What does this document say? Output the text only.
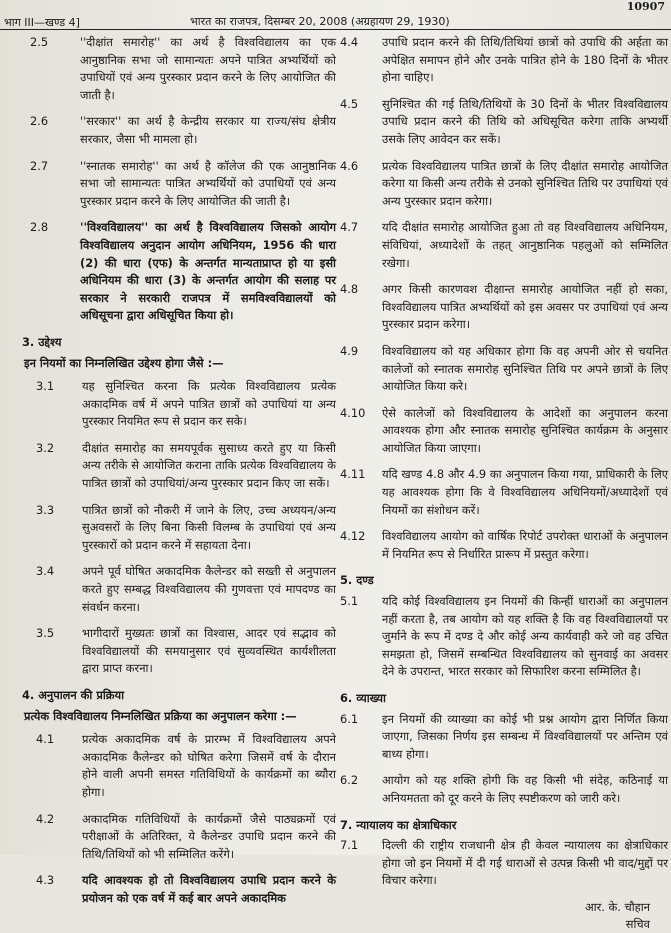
10907
भाग III—खण्ड 4]	भारत का राजपत्र, दिसम्बर 20, 2008 (अग्रहायण 29, 1930)
2.5	''दीक्षांत समारोह'' का अर्थ है विश्वविद्यालय का एक आनुष्ठानिक सभा जो सामान्यतः अपने पात्रित अभ्यर्थियों को उपाधियों एवं अन्य पुरस्कार प्रदान करने के लिए आयोजित की जाती है।
2.6	''सरकार'' का अर्थ है केन्द्रीय सरकार या राज्य/संघ क्षेत्रीय सरकार, जैसा भी मामला हो।
2.7	''स्नातक समारोह'' का अर्थ है कॉलेज की एक आनुष्ठानिक सभा जो सामान्यतः पात्रित अभ्यर्थियों को उपाधियों एवं अन्य पुरस्कार प्रदान करने के लिए आयोजित की जाती है।
2.8	''विश्वविद्यालय'' का अर्थ है विश्वविद्यालय जिसको आयोग विश्वविद्यालय अनुदान आयोग अधिनियम, 1956 की धारा (2) की धारा (एफ) के अन्तर्गत मान्यताप्राप्त हो या इसी अधिनियम की धारा (3) के अन्तर्गत आयोग की सलाह पर सरकार ने सरकारी राजपत्र में समविश्वविद्यालयों को अधिसूचना द्वारा अधिसूचित किया हो।
3. उद्देश्य
इन नियमों का निम्नलिखित उद्देश्य होगा जैसे :—
3.1	यह सुनिश्चित करना कि प्रत्येक विश्वविद्यालय प्रत्येक अकादमिक वर्ष में अपने पात्रित छात्रों को उपाधियां या अन्य पुरस्कार नियमित रूप से प्रदान कर सके।
3.2	दीक्षांत समारोह का समयपूर्वक सुसाध्य करते हुए या किसी अन्य तरीके से आयोजित कराना ताकि प्रत्येक विश्वविद्यालय के पात्रित छात्रों को उपाधियां/अन्य पुरस्कार प्रदान किए जा सकें।
3.3	पात्रित छात्रों को नौकरी में जाने के लिए, उच्च अध्ययन/अन्य सुअवसरों के लिए बिना किसी विलम्ब के उपाधियां एवं अन्य पुरस्कारों को प्रदान करने में सहायता देना।
3.4	अपने पूर्व घोषित अकादमिक कैलेन्डर को सख्ती से अनुपालन करते हुए सम्बद्ध विश्वविद्यालय की गुणवत्ता एवं मापदण्ड का संवर्धन करना।
3.5	भागीदारों मुख्यतः छात्रों का विश्वास, आदर एवं सद्भाव को विश्वविद्यालयों की समयानुसार एवं सुव्यवस्थित कार्यशीलता द्वारा प्राप्त करना।
4. अनुपालन की प्रक्रिया
प्रत्येक विश्वविद्यालय निम्नलिखित प्रक्रिया का अनुपालन करेगा :—
4.1	प्रत्येक अकादमिक वर्ष के प्रारम्भ में विश्वविद्यालय अपने अकादमिक कैलेन्डर को घोषित करेगा जिसमें वर्ष के दौरान होने वाली अपनी समस्त गतिविधियों के कार्यक्रमों का ब्यौरा होगा।
4.2	अकादमिक गतिविधियों के कार्यक्रमों जैसे पाठ्यक्रमों एवं परीक्षाओं के अतिरिक्त, ये कैलेन्डर उपाधि प्रदान करने की तिथि/तिथियों को भी सम्मिलित करेंगे।
4.3	यदि आवश्यक हो तो विश्वविद्यालय उपाधि प्रदान करने के प्रयोजन को एक वर्ष में कई बार अपने अकादमिक
4.4	उपाधि प्रदान करने की तिथि/तिथियां छात्रों को उपाधि की अर्हता का अपेक्षित समापन होने और उनके पात्रित होने के 180 दिनों के भीतर होना चाहिए।
4.5	सुनिश्चित की गई तिथि/तिथियों के 30 दिनों के भीतर विश्वविद्यालय उपाधि प्रदान करने की तिथि को अधिसूचित करेगा ताकि अभ्यर्थी उसके लिए आवेदन कर सकें।
4.6	प्रत्येक विश्वविद्यालय पात्रित छात्रों के लिए दीक्षांत समारोह आयोजित करेगा या किसी अन्य तरीके से उनको सुनिश्चित तिथि पर उपाधियां एवं अन्य पुरस्कार प्रदान करेगा।
4.7	यदि दीक्षांत समारोह आयोजित हुआ तो वह विश्वविद्यालय अधिनियम, संविधियां, अध्यादेशों के तहत् आनुष्ठानिक पहलुओं को सम्मिलित रखेगा।
4.8	अगर किसी कारणवश दीक्षान्त समारोह आयोजित नहीं हो सका, विश्वविद्यालय पात्रित अभ्यर्थियों को इस अवसर पर उपाधियां एवं अन्य पुरस्कार प्रदान करेगा।
4.9	विश्वविद्यालय को यह अधिकार होगा कि वह अपनी ओर से चयनित कालेजों को स्नातक समारोह सुनिश्चित तिथि पर अपने छात्रों के लिए आयोजित किया करे।
4.10	ऐसे कालेजों को विश्वविद्यालय के आदेशों का अनुपालन करना आवश्यक होगा और स्नातक समारोह सुनिश्चित कार्यक्रम के अनुसार आयोजित किया जाएगा।
4.11	यदि खण्ड 4.8 और 4.9 का अनुपालन किया गया, प्राधिकारी के लिए यह आवश्यक होगा कि वे विश्वविद्यालय अधिनियमों/अध्यादेशों एवं नियमों का संशोधन करें।
4.12	विश्वविद्यालय आयोग को वार्षिक रिपोर्ट उपरोक्त धाराओं के अनुपालन में नियमित रूप से निर्धारित प्रारूप में प्रस्तुत करेगा।
5. दण्ड
5.1	यदि कोई विश्वविद्यालय इन नियमों की किन्हीं धाराओं का अनुपालन नहीं करता है, तब आयोग को यह शक्ति है कि वह विश्वविद्यालयों पर जुर्माने के रूप में दण्ड दे और कोई अन्य कार्यवाही करे जो वह उचित समझता हो, जिसमें सम्बन्धित विश्वविद्यालय को सुनवाई का अवसर देने के उपरान्त, भारत सरकार को सिफारिश करना सम्मिलित है।
6. व्याख्या
6.1	इन नियमों की व्याख्या का कोई भी प्रश्न आयोग द्वारा निर्णित किया जाएगा, जिसका निर्णय इस सम्बन्ध में विश्वविद्यालयों पर अन्तिम एवं बाध्य होगा।
6.2	आयोग को यह शक्ति होगी कि वह किसी भी संदेह, कठिनाई या अनियमतता को दूर करने के लिए स्पष्टीकरण को जारी करे।
7. न्यायालय का क्षेत्राधिकार
7.1	दिल्ली की राष्ट्रीय राजधानी क्षेत्र ही केवल न्यायालय का क्षेत्राधिकार होगा जो इन नियमों में दी गई धाराओं से उत्पन्न किसी भी वाद/मुद्दों पर विचार करेगा।
आर. के. चौहान
सचिव
